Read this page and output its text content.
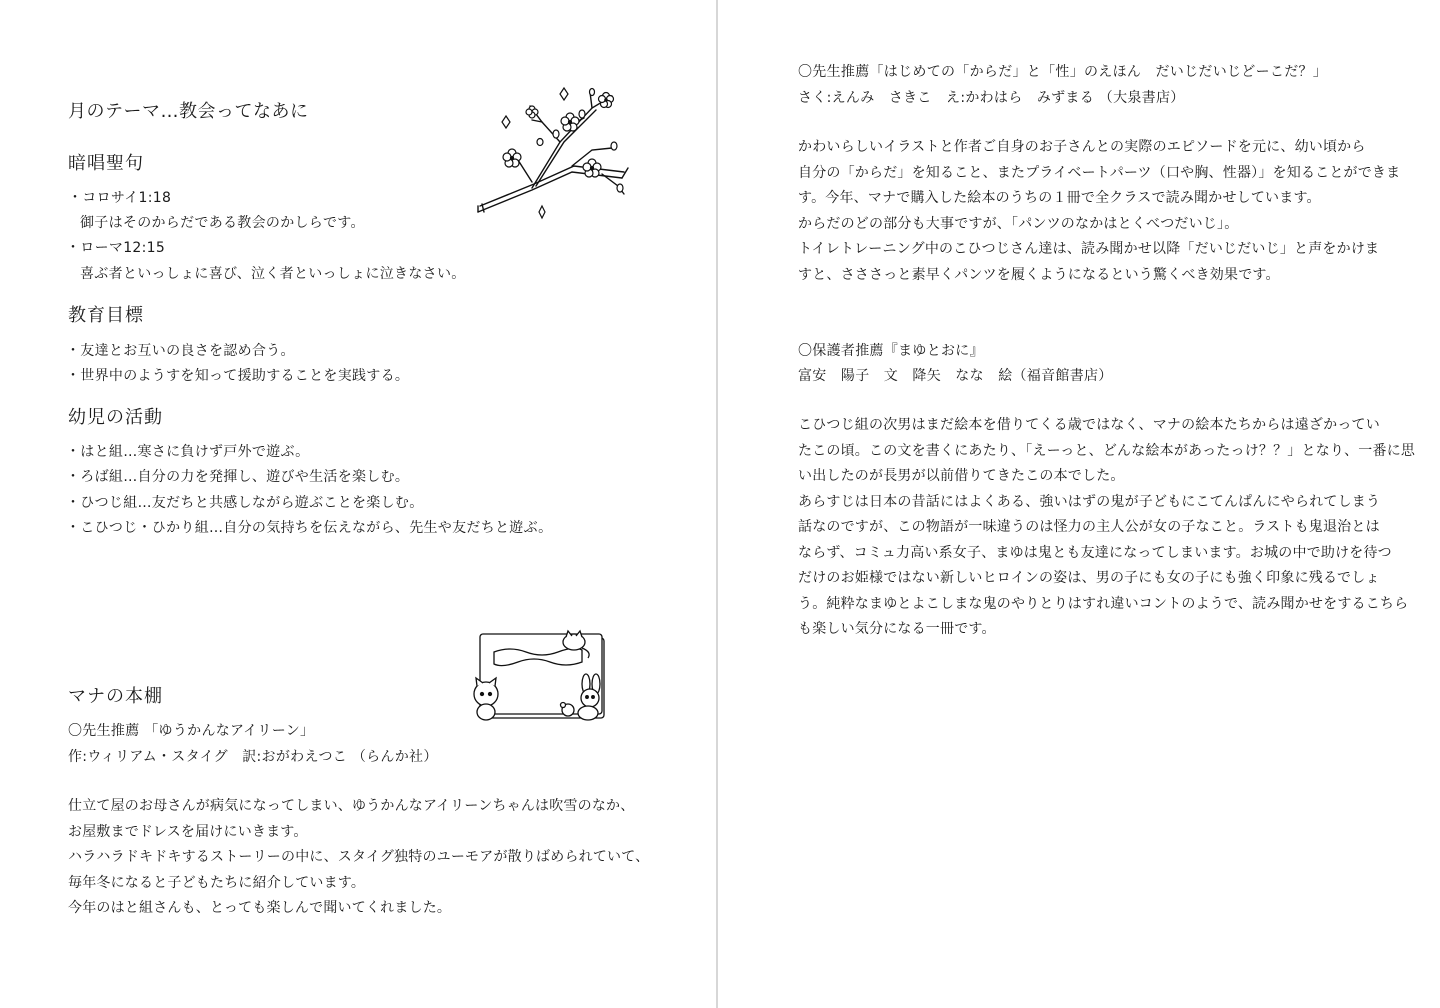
月のテーマ…教会ってなあに
暗唱聖句
・コロサイ1:18
御子はそのからだである教会のかしらです。
・ローマ12:15
喜ぶ者といっしょに喜び、泣く者といっしょに泣きなさい。
教育目標
・友達とお互いの良さを認め合う。
・世界中のようすを知って援助することを実践する。
幼児の活動
・はと組…寒さに負けず戸外で遊ぶ。
・ろば組…自分の力を発揮し、遊びや生活を楽しむ。
・ひつじ組…友だちと共感しながら遊ぶことを楽しむ。
・こひつじ・ひかり組…自分の気持ちを伝えながら、先生や友だちと遊ぶ。
マナの本棚
〇先生推薦 「ゆうかんなアイリーン」
作:ウィリアム・スタイグ　訳:おがわえつこ （らんか社）
仕立て屋のお母さんが病気になってしまい、ゆうかんなアイリーンちゃんは吹雪のなか、
お屋敷までドレスを届けにいきます。
ハラハラドキドキするストーリーの中に、スタイグ独特のユーモアが散りばめられていて、
毎年冬になると子どもたちに紹介しています。
今年のはと組さんも、とっても楽しんで聞いてくれました。
〇先生推薦「はじめての「からだ」と「性」のえほん　だいじだいじどーこだ？」
さく:えんみ　さきこ　え:かわはら　みずまる （大泉書店）
かわいらしいイラストと作者ご自身のお子さんとの実際のエピソードを元に、幼い頃から
自分の「からだ」を知ること、またプライベートパーツ（口や胸、性器）」を知ることができま
す。今年、マナで購入した絵本のうちの１冊で全クラスで読み聞かせしています。
からだのどの部分も大事ですが、「パンツのなかはとくべつだいじ」。
トイレトレーニング中のこひつじさん達は、読み聞かせ以降「だいじだいじ」と声をかけま
すと、さささっと素早くパンツを履くようになるという驚くべき効果です。
〇保護者推薦『まゆとおに』
富安　陽子　文　降矢　なな　絵（福音館書店）
こひつじ組の次男はまだ絵本を借りてくる歳ではなく、マナの絵本たちからは遠ざかってい
たこの頃。この文を書くにあたり、「えーっと、どんな絵本があったっけ？？」となり、一番に思
い出したのが長男が以前借りてきたこの本でした。
あらすじは日本の昔話にはよくある、強いはずの鬼が子どもにこてんぱんにやられてしまう
話なのですが、この物語が一味違うのは怪力の主人公が女の子なこと。ラストも鬼退治とは
ならず、コミュ力高い系女子、まゆは鬼とも友達になってしまいます。お城の中で助けを待つ
だけのお姫様ではない新しいヒロインの姿は、男の子にも女の子にも強く印象に残るでしょ
う。純粋なまゆとよこしまな鬼のやりとりはすれ違いコントのようで、読み聞かせをするこちら
も楽しい気分になる一冊です。
